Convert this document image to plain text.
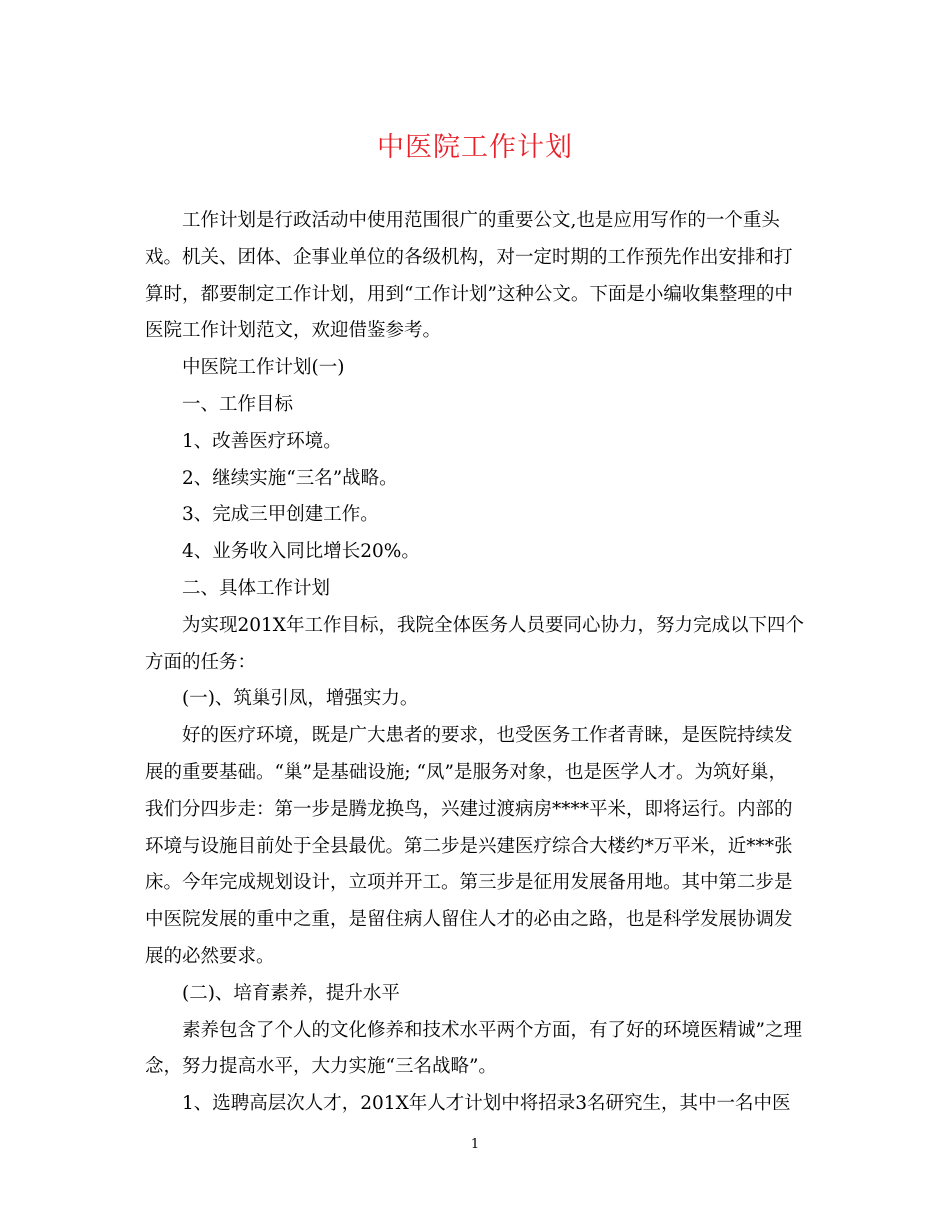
中医院工作计划
工作计划是行政活动中使用范围很广的重要公文,也是应用写作的一个重头
戏。机关、团体、企事业单位的各级机构，对一定时期的工作预先作出安排和打
算时，都要制定工作计划，用到“工作计划”这种公文。下面是小编收集整理的中
医院工作计划范文，欢迎借鉴参考。
中医院工作计划(一)
一、工作目标
1、改善医疗环境。
2、继续实施“三名”战略。
3、完成三甲创建工作。
4、业务收入同比增长20%。
二、具体工作计划
为实现201X年工作目标，我院全体医务人员要同心协力，努力完成以下四个
方面的任务：
(一)、筑巢引凤，增强实力。
好的医疗环境，既是广大患者的要求，也受医务工作者青睐，是医院持续发
展的重要基础。“巢”是基础设施; “凤”是服务对象，也是医学人才。为筑好巢，
我们分四步走：第一步是腾龙换鸟，兴建过渡病房****平米，即将运行。内部的
环境与设施目前处于全县最优。第二步是兴建医疗综合大楼约*万平米，近***张
床。今年完成规划设计，立项并开工。第三步是征用发展备用地。其中第二步是
中医院发展的重中之重，是留住病人留住人才的必由之路，也是科学发展协调发
展的必然要求。
(二)、培育素养，提升水平
素养包含了个人的文化修养和技术水平两个方面，有了好的环境医精诚”之理
念，努力提高水平，大力实施“三名战略”。
1、选聘高层次人才，201X年人才计划中将招录3名研究生，其中一名中医
1
